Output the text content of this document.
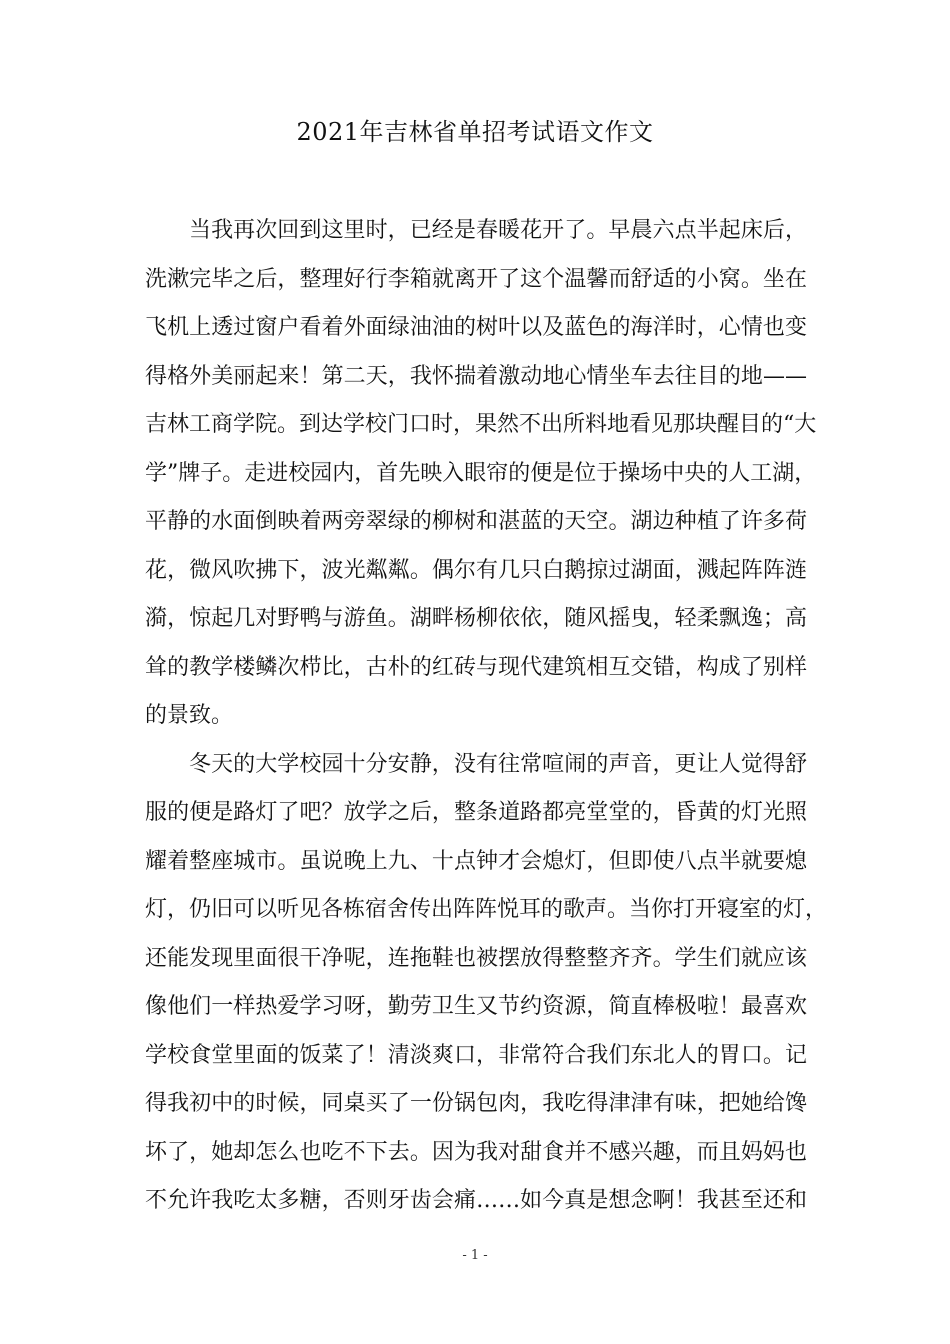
2021年吉林省单招考试语文作文
当我再次回到这里时，已经是春暖花开了。早晨六点半起床后，
洗漱完毕之后，整理好行李箱就离开了这个温馨而舒适的小窝。坐在
飞机上透过窗户看着外面绿油油的树叶以及蓝色的海洋时，心情也变
得格外美丽起来！第二天，我怀揣着激动地心情坐车去往目的地——
吉林工商学院。到达学校门口时，果然不出所料地看见那块醒目的“大
学”牌子。走进校园内，首先映入眼帘的便是位于操场中央的人工湖，
平静的水面倒映着两旁翠绿的柳树和湛蓝的天空。湖边种植了许多荷
花，微风吹拂下，波光粼粼。偶尔有几只白鹅掠过湖面，溅起阵阵涟
漪，惊起几对野鸭与游鱼。湖畔杨柳依依，随风摇曳，轻柔飘逸；高
耸的教学楼鳞次栉比，古朴的红砖与现代建筑相互交错，构成了别样
的景致。
冬天的大学校园十分安静，没有往常喧闹的声音，更让人觉得舒
服的便是路灯了吧？放学之后，整条道路都亮堂堂的，昏黄的灯光照
耀着整座城市。虽说晚上九、十点钟才会熄灯，但即使八点半就要熄
灯，仍旧可以听见各栋宿舍传出阵阵悦耳的歌声。当你打开寝室的灯，
还能发现里面很干净呢，连拖鞋也被摆放得整整齐齐。学生们就应该
像他们一样热爱学习呀，勤劳卫生又节约资源，简直棒极啦！最喜欢
学校食堂里面的饭菜了！清淡爽口，非常符合我们东北人的胃口。记
得我初中的时候，同桌买了一份锅包肉，我吃得津津有味，把她给馋
坏了，她却怎么也吃不下去。因为我对甜食并不感兴趣，而且妈妈也
不允许我吃太多糖，否则牙齿会痛……如今真是想念啊！我甚至还和
- 1 -
